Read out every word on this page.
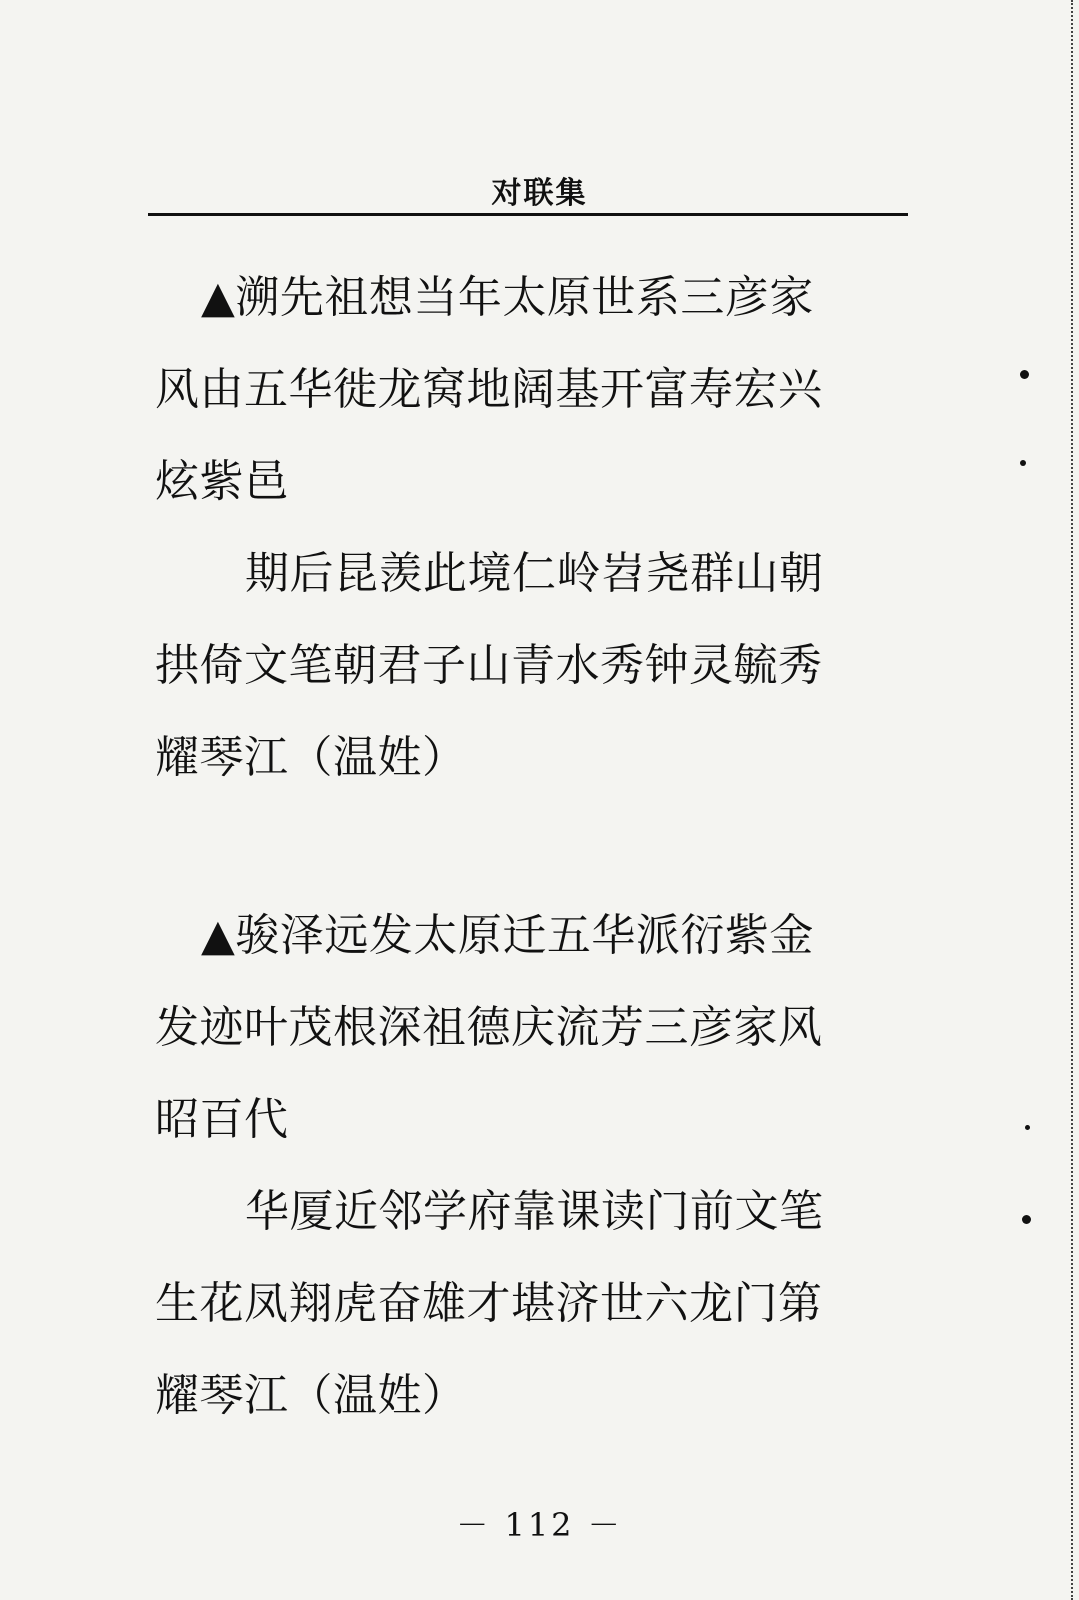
对联集
▲溯先祖想当年太原世系三彦家
风由五华徙龙窝地阔基开富寿宏兴
炫紫邑
期后昆羡此境仁岭岧尧群山朝
拱倚文笔朝君子山青水秀钟灵毓秀
耀琴江（温姓）
▲骏泽远发太原迁五华派衍紫金
发迹叶茂根深祖德庆流芳三彦家风
昭百代
华厦近邻学府靠课读门前文笔
生花凤翔虎奋雄才堪济世六龙门第
耀琴江（温姓）
－ 112 －
